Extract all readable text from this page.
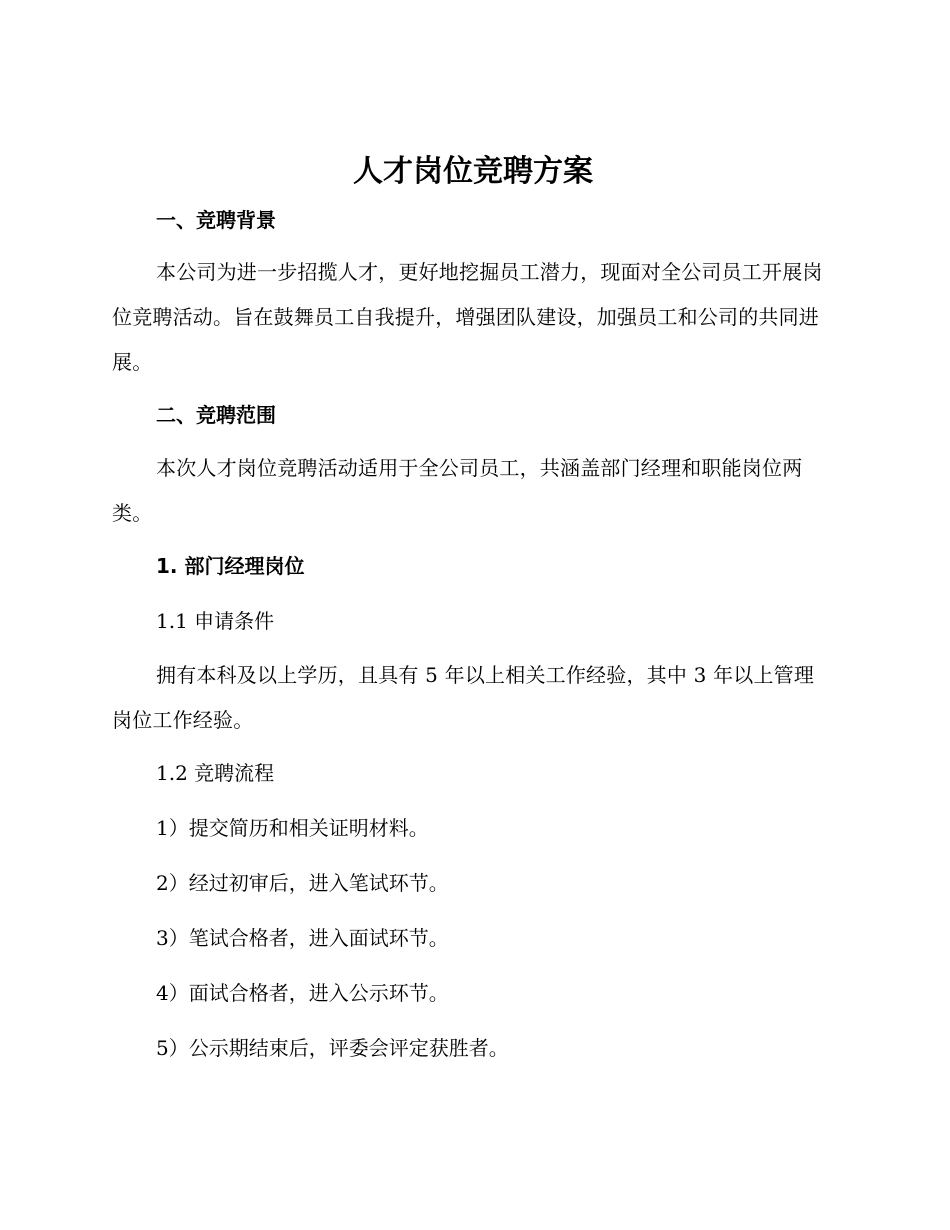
人才岗位竞聘方案
一、竞聘背景

本公司为进一步招揽人才，更好地挖掘员工潜力，现面对全公司员工开展岗位竞聘活动。旨在鼓舞员工自我提升，增强团队建设，加强员工和公司的共同进展。

二、竞聘范围

本次人才岗位竞聘活动适用于全公司员工，共涵盖部门经理和职能岗位两类。

1. 部门经理岗位

1.1 申请条件

拥有本科及以上学历，且具有 5 年以上相关工作经验，其中 3 年以上管理岗位工作经验。

1.2 竞聘流程

1）提交简历和相关证明材料。

2）经过初审后，进入笔试环节。

3）笔试合格者，进入面试环节。

4）面试合格者，进入公示环节。

5）公示期结束后，评委会评定获胜者。
